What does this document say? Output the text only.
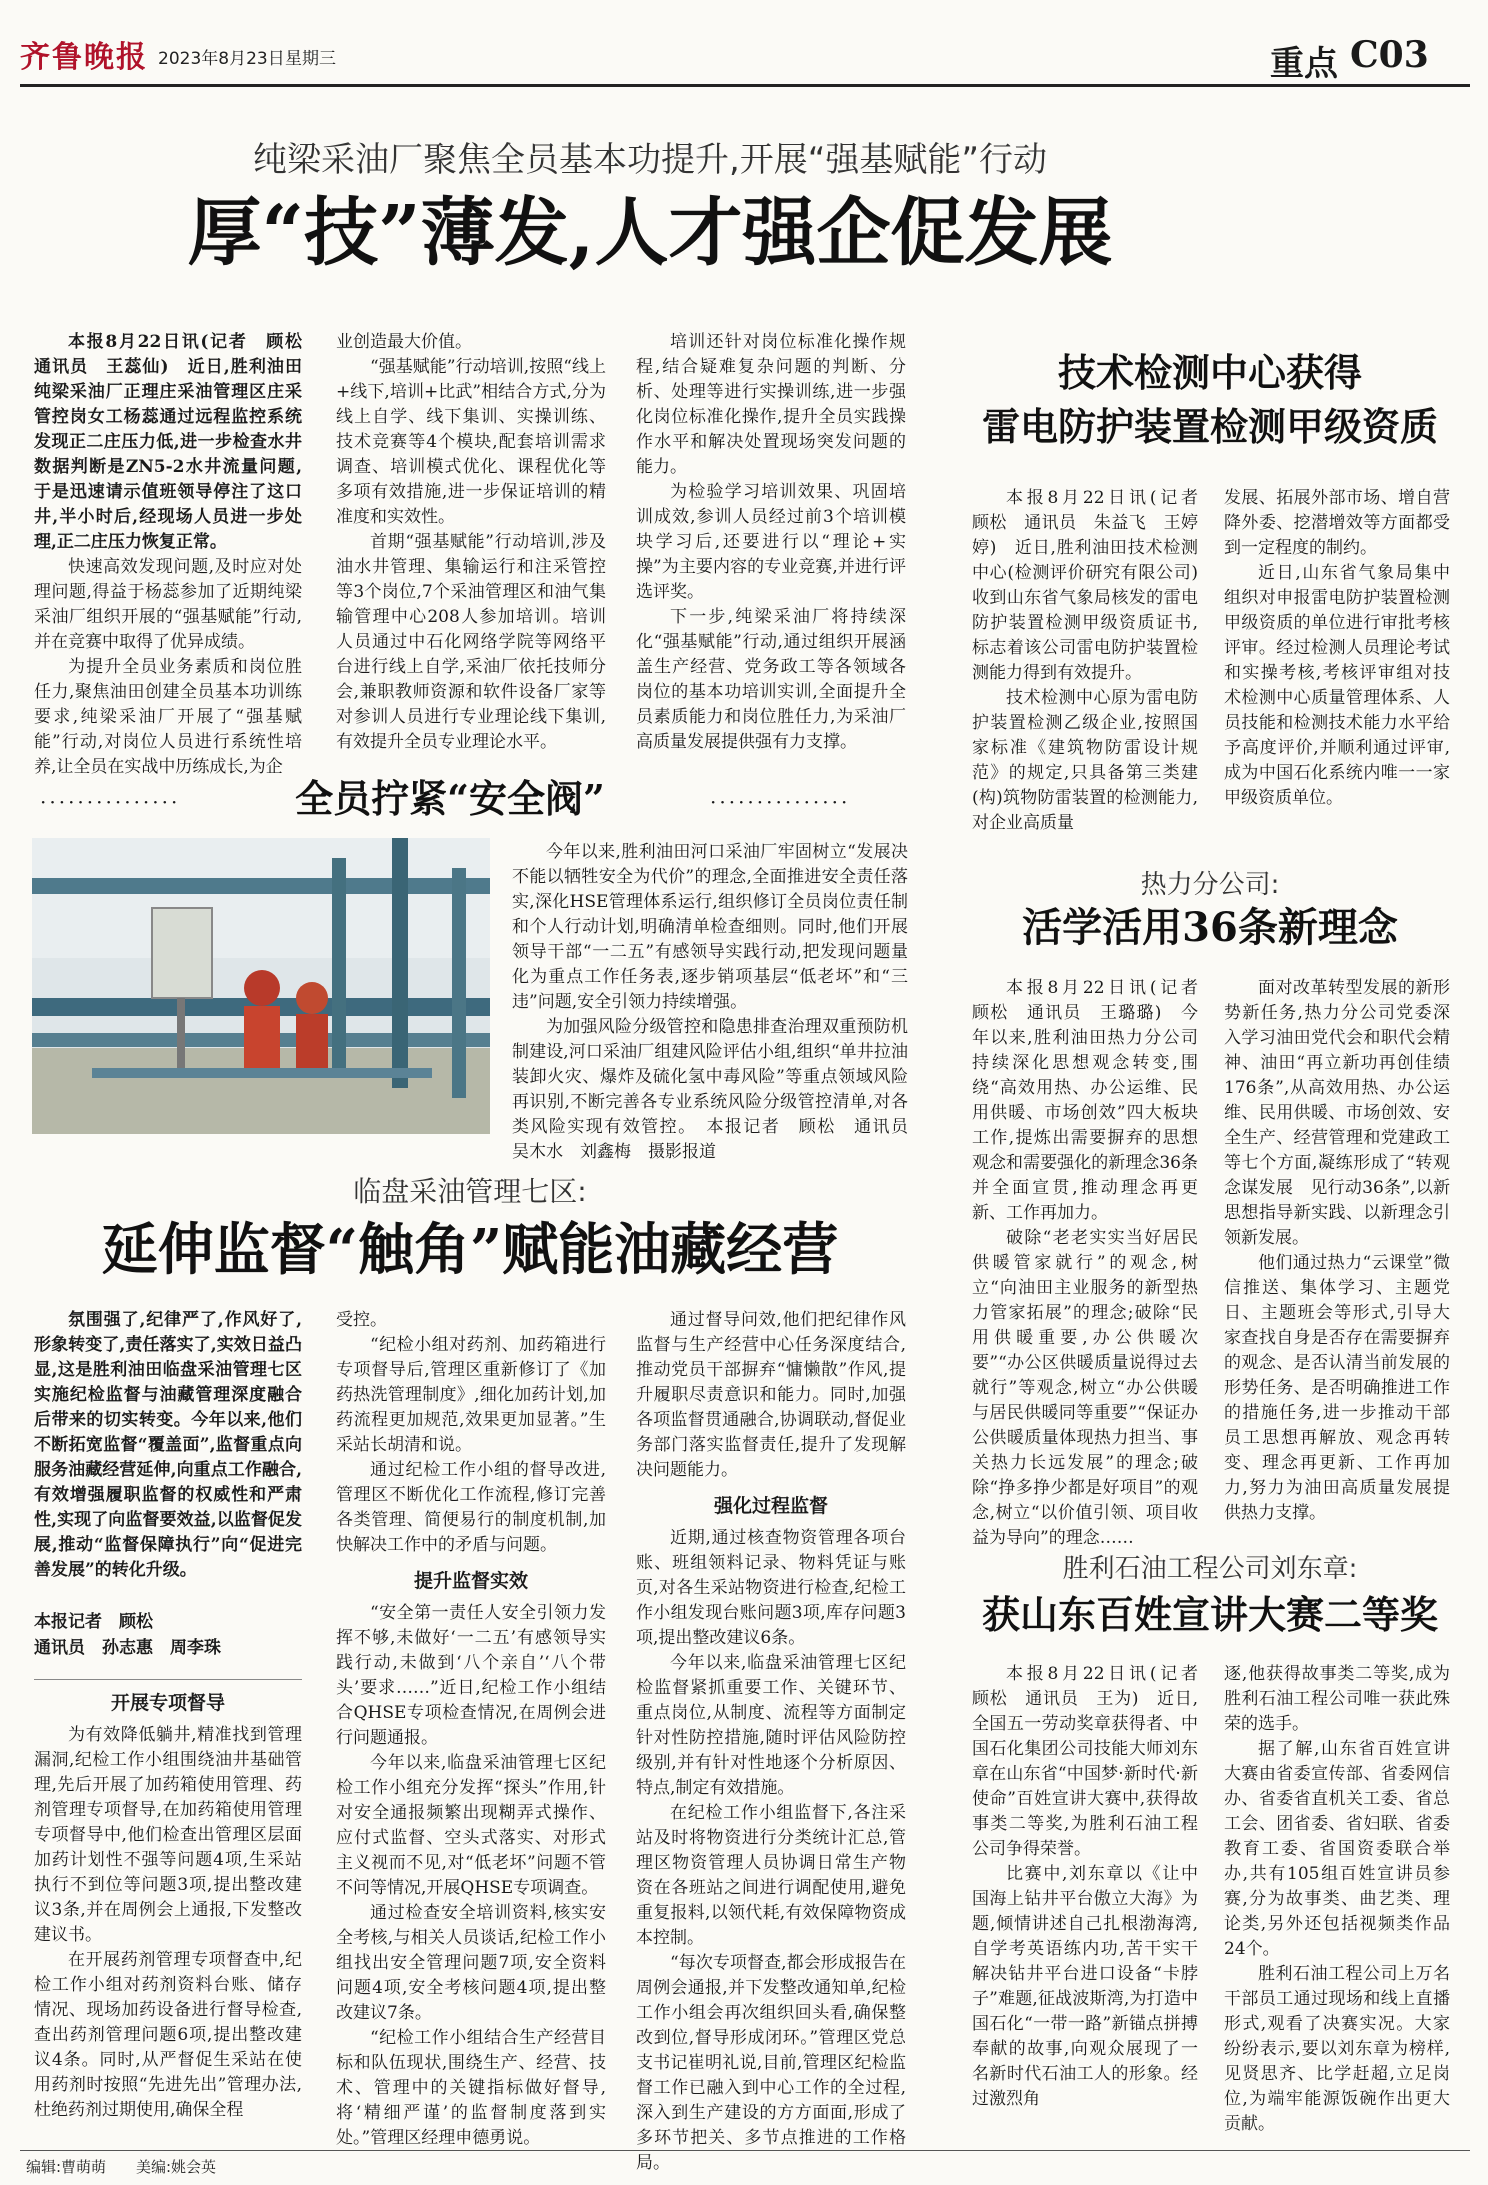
齐鲁晚报 2023年8月23日 星期三	重点 C03
纯梁采油厂聚焦全员基本功提升,开展“强基赋能”行动
厚“技”薄发,人才强企促发展

本报8月22日讯(记者　顾松　通讯员　王蕊仙)　近日,胜利油田纯梁采油厂正理庄采油管理区庄采管控岗女工杨蕊通过远程监控系统发现正二庄压力低,进一步检查水井数据判断是ZN5-2水井流量问题,于是迅速请示值班领导停注了这口井,半小时后,经现场人员进一步处理,正二庄压力恢复正常。

快速高效发现问题,及时应对处理问题,得益于杨蕊参加了近期纯梁采油厂组织开展的“强基赋能”行动,并在竞赛中取得了优异成绩。

为提升全员业务素质和岗位胜任力,聚焦油田创建全员基本功训练要求,纯梁采油厂开展了“强基赋能”行动,对岗位人员进行系统性培养,让全员在实战中历练成长,为企

业创造最大价值。

“强基赋能”行动培训,按照“线上+线下,培训+比武”相结合方式,分为线上自学、线下集训、实操训练、技术竞赛等4个模块,配套培训需求调查、培训模式优化、课程优化等多项有效措施,进一步保证培训的精准度和实效性。

首期“强基赋能”行动培训,涉及油水井管理、集输运行和注采管控等3个岗位,7个采油管理区和油气集输管理中心208人参加培训。培训人员通过中石化网络学院等网络平台进行线上自学,采油厂依托技师分会,兼职教师资源和软件设备厂家等对参训人员进行专业理论线下集训,有效提升全员专业理论水平。

培训还针对岗位标准化操作规程,结合疑难复杂问题的判断、分析、处理等进行实操训练,进一步强化岗位标准化操作,提升全员实践操作水平和解决处置现场突发问题的能力。

为检验学习培训效果、巩固培训成效,参训人员经过前3个培训模块学习后,还要进行以“理论+实操”为主要内容的专业竞赛,并进行评选评奖。

下一步,纯梁采油厂将持续深化“强基赋能”行动,通过组织开展涵盖生产经营、党务政工等各领域各岗位的基本功培训实训,全面提升全员素质能力和岗位胜任力,为采油厂高质量发展提供强有力支撑。

···············	···············
全员拧紧“安全阀”

今年以来,胜利油田河口采油厂牢固树立“发展决不能以牺牲安全为代价”的理念,全面推进安全责任落实,深化HSE管理体系运行,组织修订全员岗位责任制和个人行动计划,明确清单检查细则。同时,他们开展领导干部“一二五”有感领导实践行动,把发现问题量化为重点工作任务表,逐步销项基层“低老坏”和“三违”问题,安全引领力持续增强。

为加强风险分级管控和隐患排查治理双重预防机制建设,河口采油厂组建风险评估小组,组织“单井拉油装卸火灾、爆炸及硫化氢中毒风险”等重点领域风险再识别,不断完善各专业系统风险分级管控清单,对各类风险实现有效管控。　本报记者　顾松　通讯员　吴木水　刘鑫梅　摄影报道

临盘采油管理七区:
延伸监督“触角”赋能油藏经营

氛围强了,纪律严了,作风好了,形象转变了,责任落实了,实效日益凸显,这是胜利油田临盘采油管理七区实施纪检监督与油藏管理深度融合后带来的切实转变。今年以来,他们不断拓宽监督“覆盖面”,监督重点向服务油藏经营延伸,向重点工作融合,有效增强履职监督的权威性和严肃性,实现了向监督要效益,以监督促发展,推动“监督保障执行”向“促进完善发展”的转化升级。

本报记者　顾松
通讯员　孙志惠　周李珠
开展专项督导

为有效降低躺井,精准找到管理漏洞,纪检工作小组围绕油井基础管理,先后开展了加药箱使用管理、药剂管理专项督导,在加药箱使用管理专项督导中,他们检查出管理区层面加药计划性不强等问题4项,生采站执行不到位等问题3项,提出整改建议3条,并在周例会上通报,下发整改建议书。

在开展药剂管理专项督查中,纪检工作小组对药剂资料台账、储存情况、现场加药设备进行督导检查,查出药剂管理问题6项,提出整改建议4条。同时,从严督促生采站在使用药剂时按照“先进先出”管理办法,杜绝药剂过期使用,确保全程

受控。

“纪检小组对药剂、加药箱进行专项督导后,管理区重新修订了《加药热洗管理制度》,细化加药计划,加药流程更加规范,效果更加显著。”生采站长胡清和说。

通过纪检工作小组的督导改进,管理区不断优化工作流程,修订完善各类管理、简便易行的制度机制,加快解决工作中的矛盾与问题。

提升监督实效

“安全第一责任人安全引领力发挥不够,未做好‘一二五’有感领导实践行动,未做到‘八个亲自’‘八个带头’要求……”近日,纪检工作小组结合QHSE专项检查情况,在周例会进行问题通报。

今年以来,临盘采油管理七区纪检工作小组充分发挥“探头”作用,针对安全通报频繁出现糊弄式操作、应付式监督、空头式落实、对形式主义视而不见,对“低老坏”问题不管不问等情况,开展QHSE专项调查。

通过检查安全培训资料,核实安全考核,与相关人员谈话,纪检工作小组找出安全管理问题7项,安全资料问题4项,安全考核问题4项,提出整改建议7条。

“纪检工作小组结合生产经营目标和队伍现状,围绕生产、经营、技术、管理中的关键指标做好督导,将‘精细严谨’的监督制度落到实处。”管理区经理申德勇说。

通过督导问效,他们把纪律作风监督与生产经营中心任务深度结合,推动党员干部摒弃“慵懒散”作风,提升履职尽责意识和能力。同时,加强各项监督贯通融合,协调联动,督促业务部门落实监督责任,提升了发现解决问题能力。

强化过程监督

近期,通过核查物资管理各项台账、班组领料记录、物料凭证与账页,对各生采站物资进行检查,纪检工作小组发现台账问题3项,库存问题3项,提出整改建议6条。

今年以来,临盘采油管理七区纪检监督紧抓重要工作、关键环节、重点岗位,从制度、流程等方面制定针对性防控措施,随时评估风险防控级别,并有针对性地逐个分析原因、特点,制定有效措施。

在纪检工作小组监督下,各注采站及时将物资进行分类统计汇总,管理区物资管理人员协调日常生产物资在各班站之间进行调配使用,避免重复报料,以领代耗,有效保障物资成本控制。

“每次专项督查,都会形成报告在周例会通报,并下发整改通知单,纪检工作小组会再次组织回头看,确保整改到位,督导形成闭环。”管理区党总支书记崔明礼说,目前,管理区纪检监督工作已融入到中心工作的全过程,深入到生产建设的方方面面,形成了多环节把关、多节点推进的工作格局。

技术检测中心获得
雷电防护装置检测甲级资质

本报8月22日讯(记者　顾松　通讯员　朱益飞　王婷婷)　近日,胜利油田技术检测中心(检测评价研究有限公司)收到山东省气象局核发的雷电防护装置检测甲级资质证书,标志着该公司雷电防护装置检测能力得到有效提升。

技术检测中心原为雷电防护装置检测乙级企业,按照国家标准《建筑物防雷设计规范》的规定,只具备第三类建(构)筑物防雷装置的检测能力,对企业高质量

发展、拓展外部市场、增自营降外委、挖潜增效等方面都受到一定程度的制约。

近日,山东省气象局集中组织对申报雷电防护装置检测甲级资质的单位进行审批考核评审。经过检测人员理论考试和实操考核,考核评审组对技术检测中心质量管理体系、人员技能和检测技术能力水平给予高度评价,并顺利通过评审,成为中国石化系统内唯一一家甲级资质单位。

热力分公司:
活学活用36条新理念

本报8月22日讯(记者　顾松　通讯员　王璐璐)　今年以来,胜利油田热力分公司持续深化思想观念转变,围绕“高效用热、办公运维、民用供暖、市场创效”四大板块工作,提炼出需要摒弃的思想观念和需要强化的新理念36条并全面宣贯,推动理念再更新、工作再加力。

破除“老老实实当好居民供暖管家就行”的观念,树立“向油田主业服务的新型热力管家拓展”的理念;破除“民用供暖重要,办公供暖次要”“办公区供暖质量说得过去就行”等观念,树立“办公供暖与居民供暖同等重要”“保证办公供暖质量体现热力担当、事关热力长远发展”的理念;破除“挣多挣少都是好项目”的观念,树立“以价值引领、项目收益为导向”的理念……

面对改革转型发展的新形势新任务,热力分公司党委深入学习油田党代会和职代会精神、油田“再立新功再创佳绩176条”,从高效用热、办公运维、民用供暖、市场创效、安全生产、经营管理和党建政工等七个方面,凝练形成了“转观念谋发展　见行动36条”,以新思想指导新实践、以新理念引领新发展。

他们通过热力“云课堂”微信推送、集体学习、主题党日、主题班会等形式,引导大家查找自身是否存在需要摒弃的观念、是否认清当前发展的形势任务、是否明确推进工作的措施任务,进一步推动干部员工思想再解放、观念再转变、理念再更新、工作再加力,努力为油田高质量发展提供热力支撑。

胜利石油工程公司刘东章:
获山东百姓宣讲大赛二等奖

本报8月22日讯(记者　顾松　通讯员　王为)　近日,全国五一劳动奖章获得者、中国石化集团公司技能大师刘东章在山东省“中国梦·新时代·新使命”百姓宣讲大赛中,获得故事类二等奖,为胜利石油工程公司争得荣誉。

比赛中,刘东章以《让中国海上钻井平台傲立大海》为题,倾情讲述自己扎根渤海湾,自学考英语练内功,苦干实干解决钻井平台进口设备“卡脖子”难题,征战波斯湾,为打造中国石化“一带一路”新锚点拼搏奉献的故事,向观众展现了一名新时代石油工人的形象。经过激烈角

逐,他获得故事类二等奖,成为胜利石油工程公司唯一获此殊荣的选手。

据了解,山东省百姓宣讲大赛由省委宣传部、省委网信办、省委省直机关工委、省总工会、团省委、省妇联、省委教育工委、省国资委联合举办,共有105组百姓宣讲员参赛,分为故事类、曲艺类、理论类,另外还包括视频类作品24个。

胜利石油工程公司上万名干部员工通过现场和线上直播形式,观看了决赛实况。大家纷纷表示,要以刘东章为榜样,见贤思齐、比学赶超,立足岗位,为端牢能源饭碗作出更大贡献。

编辑:曹萌萌 美编:姚会英
